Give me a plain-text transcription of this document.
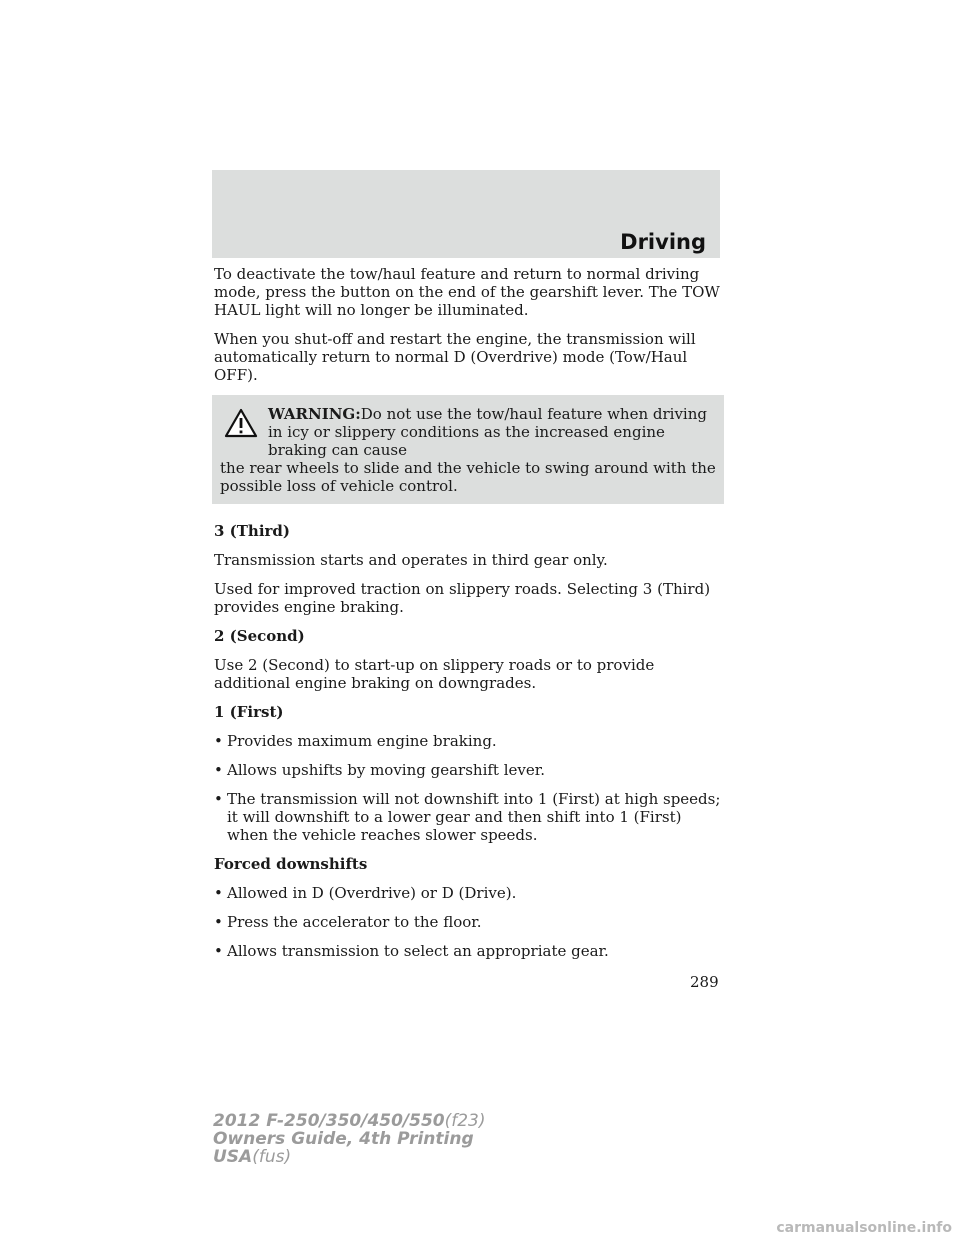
Driving

To deactivate the tow/haul feature and return to normal driving mode, press the button on the end of the gearshift lever. The TOW HAUL light will no longer be illuminated.

When you shut-off and restart the engine, the transmission will automatically return to normal D (Overdrive) mode (Tow/Haul OFF).

WARNING:Do not use the tow/haul feature when driving in icy or slippery conditions as the increased engine braking can cause
the rear wheels to slide and the vehicle to swing around with the possible loss of vehicle control.
3 (Third)

Transmission starts and operates in third gear only.

Used for improved traction on slippery roads. Selecting 3 (Third) provides engine braking.

2 (Second)

Use 2 (Second) to start-up on slippery roads or to provide additional engine braking on downgrades.

1 (First)
• Provides maximum engine braking.
• Allows upshifts by moving gearshift lever.
• The transmission will not downshift into 1 (First) at high speeds; it will downshift to a lower gear and then shift into 1 (First) when the vehicle reaches slower speeds.
Forced downshifts
• Allowed in D (Overdrive) or D (Drive).
• Press the accelerator to the floor.
• Allows transmission to select an appropriate gear.
289
2012 F-250/350/450/550(f23)
Owners Guide, 4th Printing
USA(fus)
carmanualsonline.info
